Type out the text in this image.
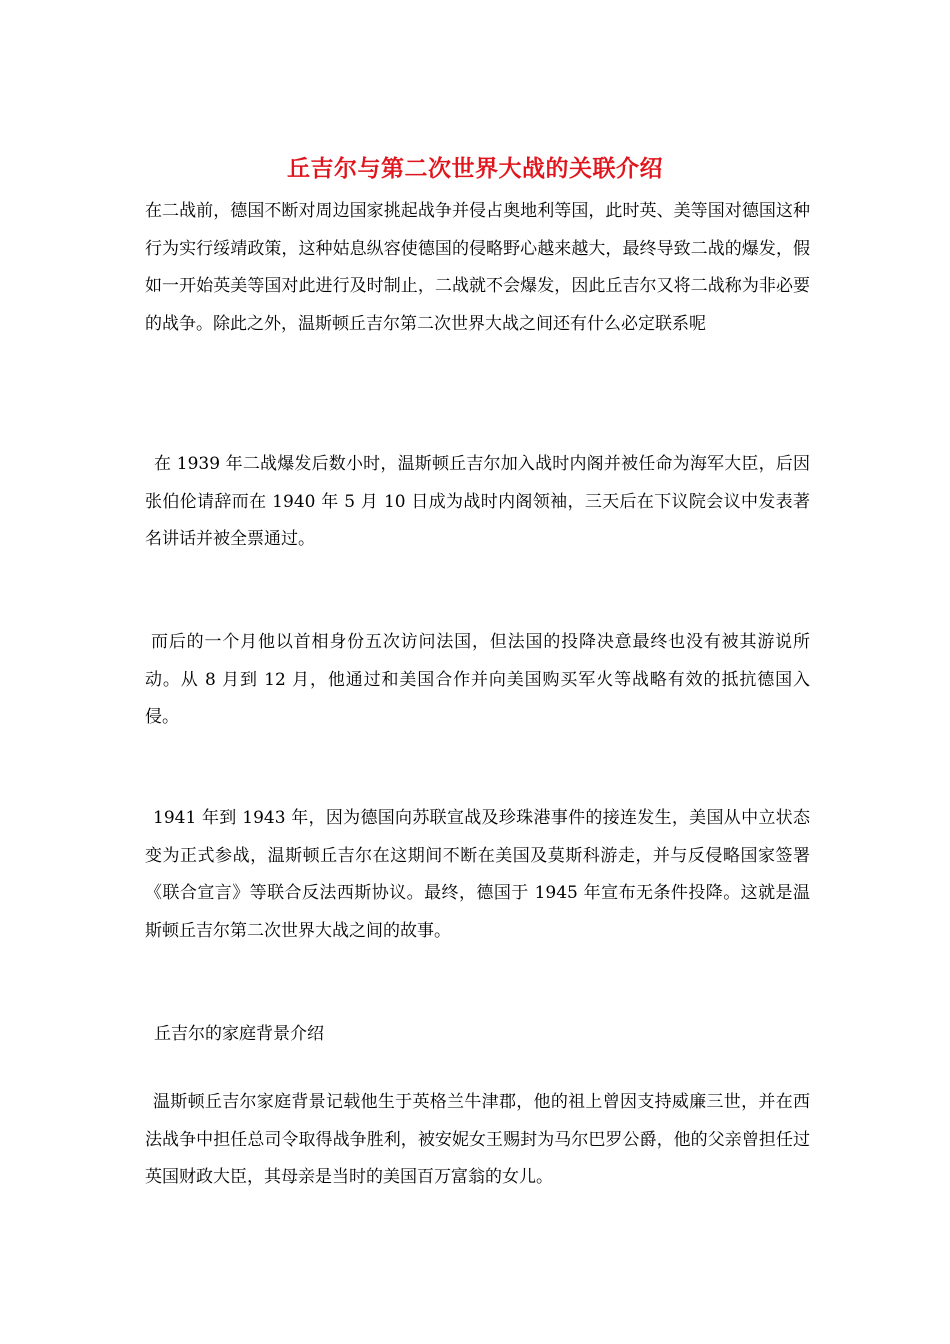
丘吉尔与第二次世界大战的关联介绍

在二战前，德国不断对周边国家挑起战争并侵占奥地利等国，此时英、美等国对德国这种行为实行绥靖政策，这种姑息纵容使德国的侵略野心越来越大，最终导致二战的爆发，假如一开始英美等国对此进行及时制止，二战就不会爆发，因此丘吉尔又将二战称为非必要的战争。除此之外，温斯顿丘吉尔第二次世界大战之间还有什么必定联系呢

在 1939 年二战爆发后数小时，温斯顿丘吉尔加入战时内阁并被任命为海军大臣，后因张伯伦请辞而在 1940 年 5 月 10 日成为战时内阁领袖，三天后在下议院会议中发表著名讲话并被全票通过。

而后的一个月他以首相身份五次访问法国，但法国的投降决意最终也没有被其游说所动。从 8 月到 12 月，他通过和美国合作并向美国购买军火等战略有效的抵抗德国入侵。

1941 年到 1943 年，因为德国向苏联宣战及珍珠港事件的接连发生，美国从中立状态变为正式参战，温斯顿丘吉尔在这期间不断在美国及莫斯科游走，并与反侵略国家签署《联合宣言》等联合反法西斯协议。最终，德国于 1945 年宣布无条件投降。这就是温斯顿丘吉尔第二次世界大战之间的故事。

丘吉尔的家庭背景介绍

温斯顿丘吉尔家庭背景记载他生于英格兰牛津郡，他的祖上曾因支持威廉三世，并在西法战争中担任总司令取得战争胜利，被安妮女王赐封为马尔巴罗公爵，他的父亲曾担任过英国财政大臣，其母亲是当时的美国百万富翁的女儿。
